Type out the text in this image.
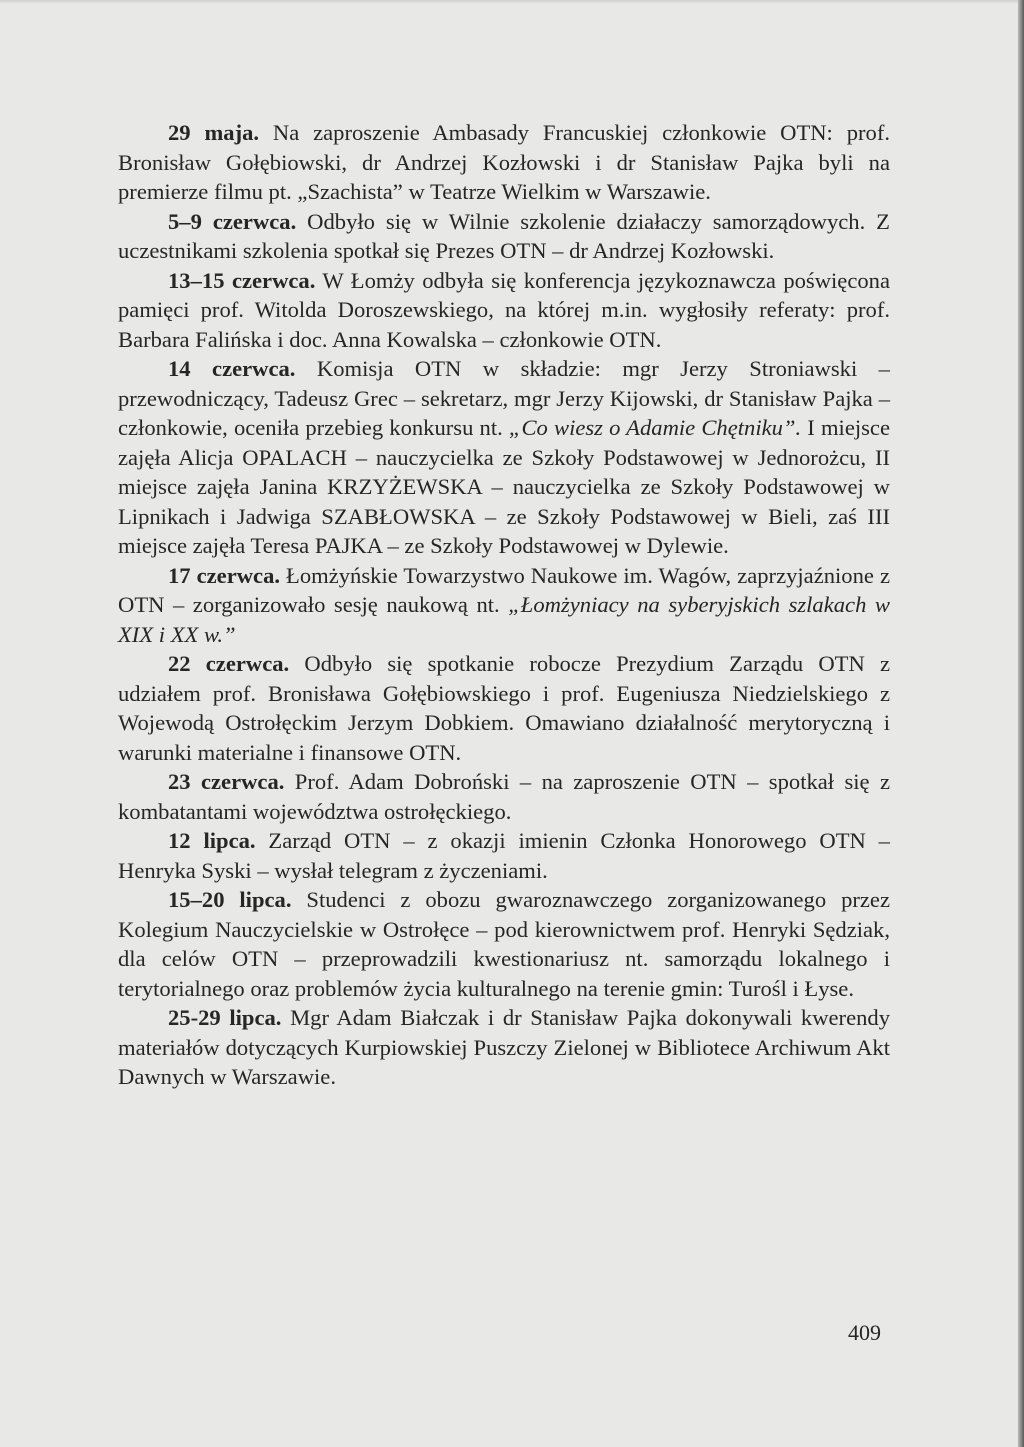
29 maja. Na zaproszenie Ambasady Francuskiej członkowie OTN: prof. Bronisław Gołębiowski, dr Andrzej Kozłowski i dr Stanisław Pajka byli na premierze filmu pt. „Szachista” w Teatrze Wielkim w Warszawie.

5–9 czerwca. Odbyło się w Wilnie szkolenie działaczy samorządowych. Z uczestnikami szkolenia spotkał się Prezes OTN – dr Andrzej Kozłowski.

13–15 czerwca. W Łomży odbyła się konferencja językoznawcza poświęcona pamięci prof. Witolda Doroszewskiego, na której m.in. wygłosiły referaty: prof. Barbara Falińska i doc. Anna Kowalska – członkowie OTN.

14 czerwca. Komisja OTN w składzie: mgr Jerzy Stroniawski – przewodniczący, Tadeusz Grec – sekretarz, mgr Jerzy Kijowski, dr Stanisław Pajka – członkowie, oceniła przebieg konkursu nt. „Co wiesz o Adamie Chętniku”. I miejsce zajęła Alicja OPALACH – nauczycielka ze Szkoły Podstawowej w Jednorożcu, II miejsce zajęła Janina KRZYŻEWSKA – nauczycielka ze Szkoły Podstawowej w Lipnikach i Jadwiga SZABŁOWSKA – ze Szkoły Podstawowej w Bieli, zaś III miejsce zajęła Teresa PAJKA – ze Szkoły Podstawowej w Dylewie.

17 czerwca. Łomżyńskie Towarzystwo Naukowe im. Wagów, zaprzyjaźnione z OTN – zorganizowało sesję naukową nt. „Łomżyniacy na syberyjskich szlakach w XIX i XX w.”

22 czerwca. Odbyło się spotkanie robocze Prezydium Zarządu OTN z udziałem prof. Bronisława Gołębiowskiego i prof. Eugeniusza Niedzielskiego z Wojewodą Ostrołęckim Jerzym Dobkiem. Omawiano działalność merytoryczną i warunki materialne i finansowe OTN.

23 czerwca. Prof. Adam Dobroński – na zaproszenie OTN – spotkał się z kombatantami województwa ostrołęckiego.

12 lipca. Zarząd OTN – z okazji imienin Członka Honorowego OTN – Henryka Syski – wysłał telegram z życzeniami.

15–20 lipca. Studenci z obozu gwaroznawczego zorganizowanego przez Kolegium Nauczycielskie w Ostrołęce – pod kierownictwem prof. Henryki Sędziak, dla celów OTN – przeprowadzili kwestionariusz nt. samorządu lokalnego i terytorialnego oraz problemów życia kulturalnego na terenie gmin: Turośl i Łyse.

25-29 lipca. Mgr Adam Białczak i dr Stanisław Pajka dokonywali kwerendy materiałów dotyczących Kurpiowskiej Puszczy Zielonej w Bibliotece Archiwum Akt Dawnych w Warszawie.

409
